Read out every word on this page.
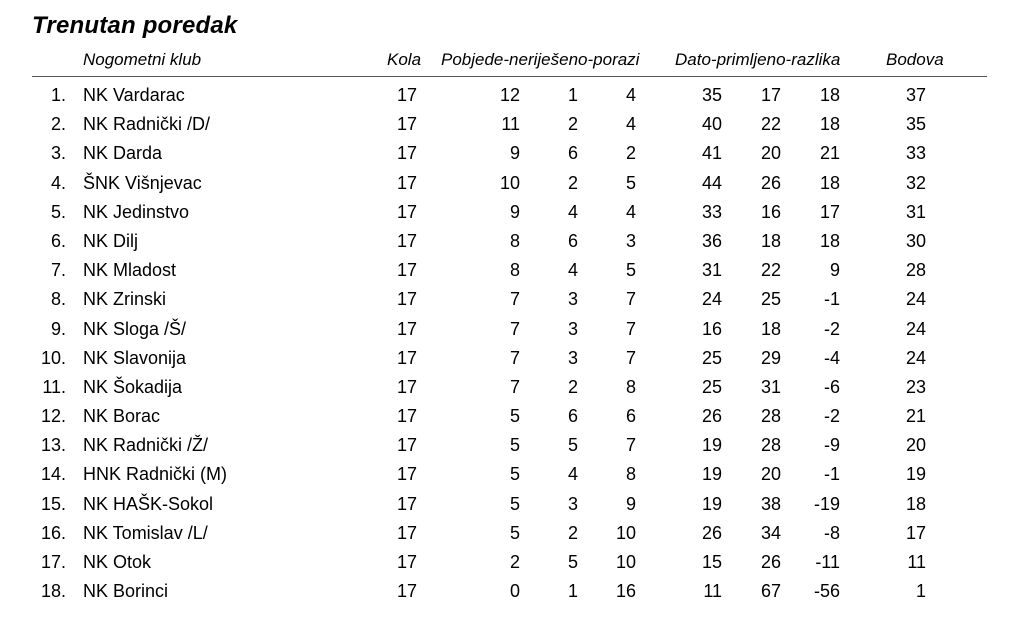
Trenutan poredak
Nogometni klub	Kola Pobjede-neriješeno-porazi Dato-primljeno-razlika	Bodova
1. NK Vardarac	17	12	1	4	35	17	18	37
2. NK Radnički /D/	17	11	2	4	40	22	18	35
3. NK Darda	17	9	6	2	41	20	21	33
4. ŠNK Višnjevac	17	10	2	5	44	26	18	32
5. NK Jedinstvo	17	9	4	4	33	16	17	31
6. NK Dilj	17	8	6	3	36	18	18	30
7. NK Mladost	17	8	4	5	31	22	9	28
8. NK Zrinski	17	7	3	7	24	25	-1	24
9. NK Sloga /Š/	17	7	3	7	16	18	-2	24
10. NK Slavonija	17	7	3	7	25	29	-4	24
11. NK Šokadija	17	7	2	8	25	31	-6	23
12. NK Borac	17	5	6	6	26	28	-2	21
13. NK Radnički /Ž/	17	5	5	7	19	28	-9	20
14. HNK Radnički (M)	17	5	4	8	19	20	-1	19
15. NK HAŠK-Sokol	17	5	3	9	19	38	-19	18
16. NK Tomislav /L/	17	5	2	10	26	34	-8	17
17. NK Otok	17	2	5	10	15	26	-11	11
18. NK Borinci	17	0	1	16	11	67	-56	1
